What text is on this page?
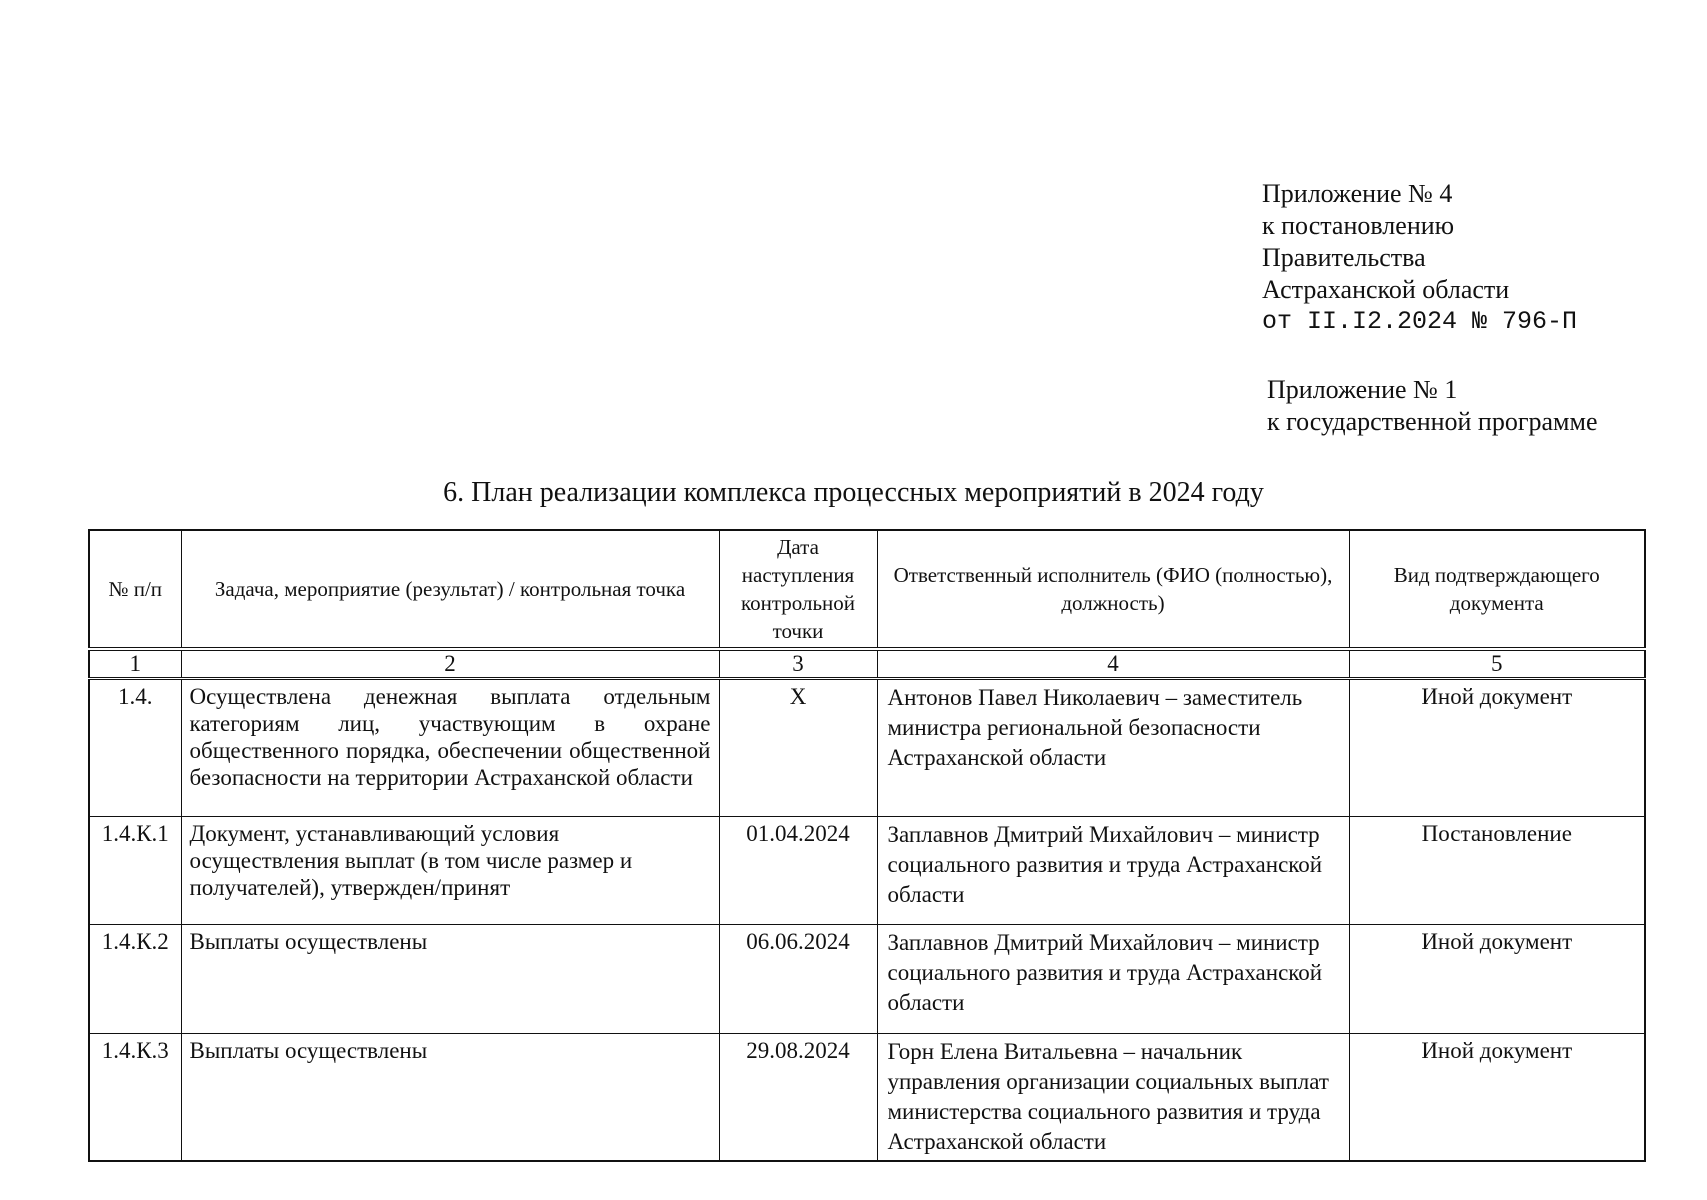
Приложение № 4
к постановлению
Правительства
Астраханской области
от II.I2.2024 № 796-П
Приложение № 1
к государственной программе
6. План реализации комплекса процессных мероприятий в 2024 году
№ п/п	Задача, мероприятие (результат) / контрольная точка	Дата наступления контрольной точки	Ответственный исполнитель (ФИО (полностью), должность)	Вид подтверждающего документа
1	2	3	4	5
1.4.	Осуществлена денежная выплата отдельным категориям лиц, участвующим в охране общественного порядка, обеспечении общественной безопасности на территории Астраханской области	Х	Антонов Павел Николаевич – заместитель министра региональной безопасности Астраханской области	Иной документ
1.4.К.1	Документ, устанавливающий условия осуществления выплат (в том числе размер и получателей), утвержден/принят	01.04.2024	Заплавнов Дмитрий Михайлович – министр социального развития и труда Астраханской области	Постановление
1.4.К.2	Выплаты осуществлены	06.06.2024	Заплавнов Дмитрий Михайлович – министр социального развития и труда Астраханской области	Иной документ
1.4.К.3	Выплаты осуществлены	29.08.2024	Горн Елена Витальевна – начальник управления организации социальных выплат министерства социального развития и труда Астраханской области	Иной документ
